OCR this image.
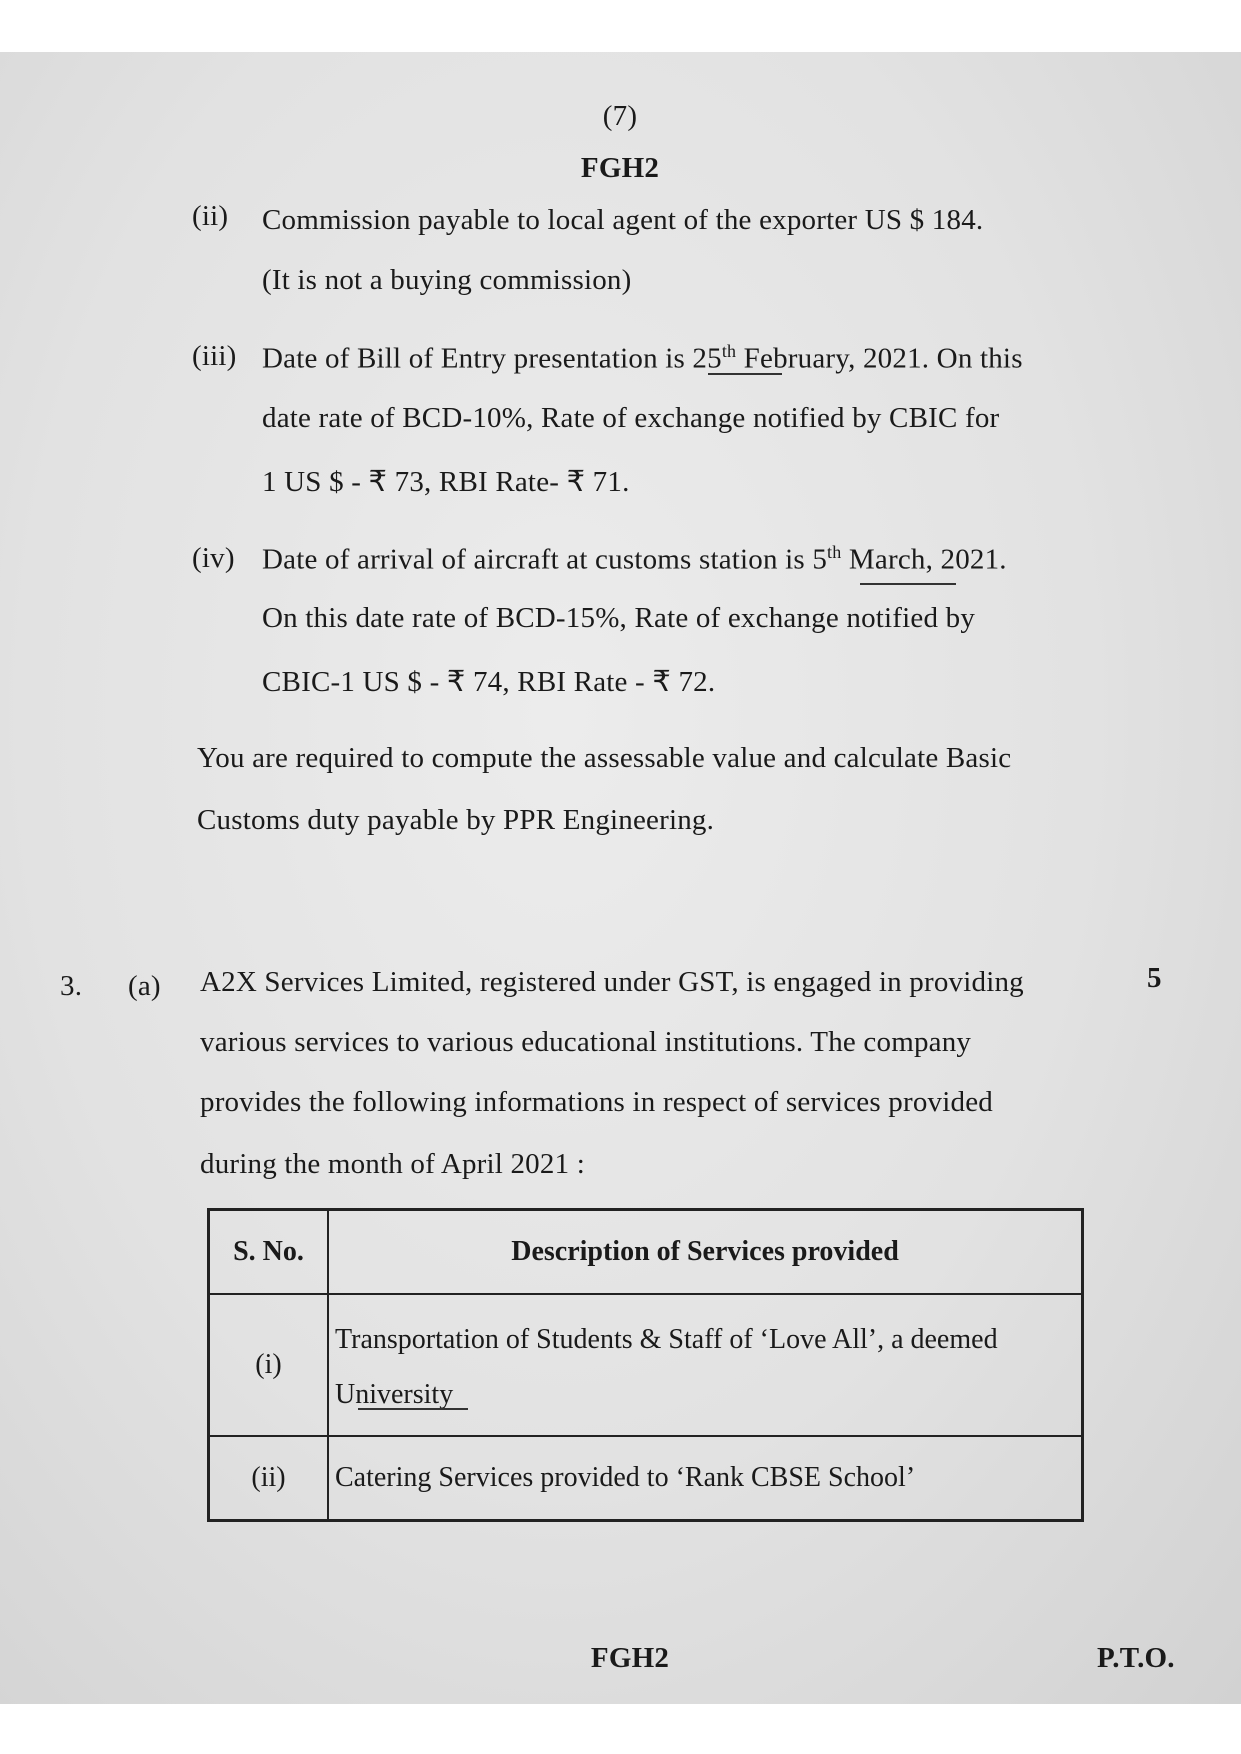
(7)
FGH2
(ii) Commission payable to local agent of the exporter US $ 184.
(It is not a buying commission)
(iii) Date of Bill of Entry presentation is 25th February, 2021. On this
date rate of BCD-10%, Rate of exchange notified by CBIC for
1 US $ - ₹ 73, RBI Rate- ₹ 71.
(iv) Date of arrival of aircraft at customs station is 5th March, 2021.
On this date rate of BCD-15%, Rate of exchange notified by
CBIC-1 US $ - ₹ 74, RBI Rate - ₹ 72.
You are required to compute the assessable value and calculate Basic
Customs duty payable by PPR Engineering.
3. (a)	5
A2X Services Limited, registered under GST, is engaged in providing
various services to various educational institutions. The company
provides the following informations in respect of services provided
during the month of April 2021 :
S. No.	Description of Services provided
(i)	Transportation of Students & Staff of ‘Love All’, a deemed
University

(ii)	Catering Services provided to ‘Rank CBSE School’
FGH2	P.T.O.
